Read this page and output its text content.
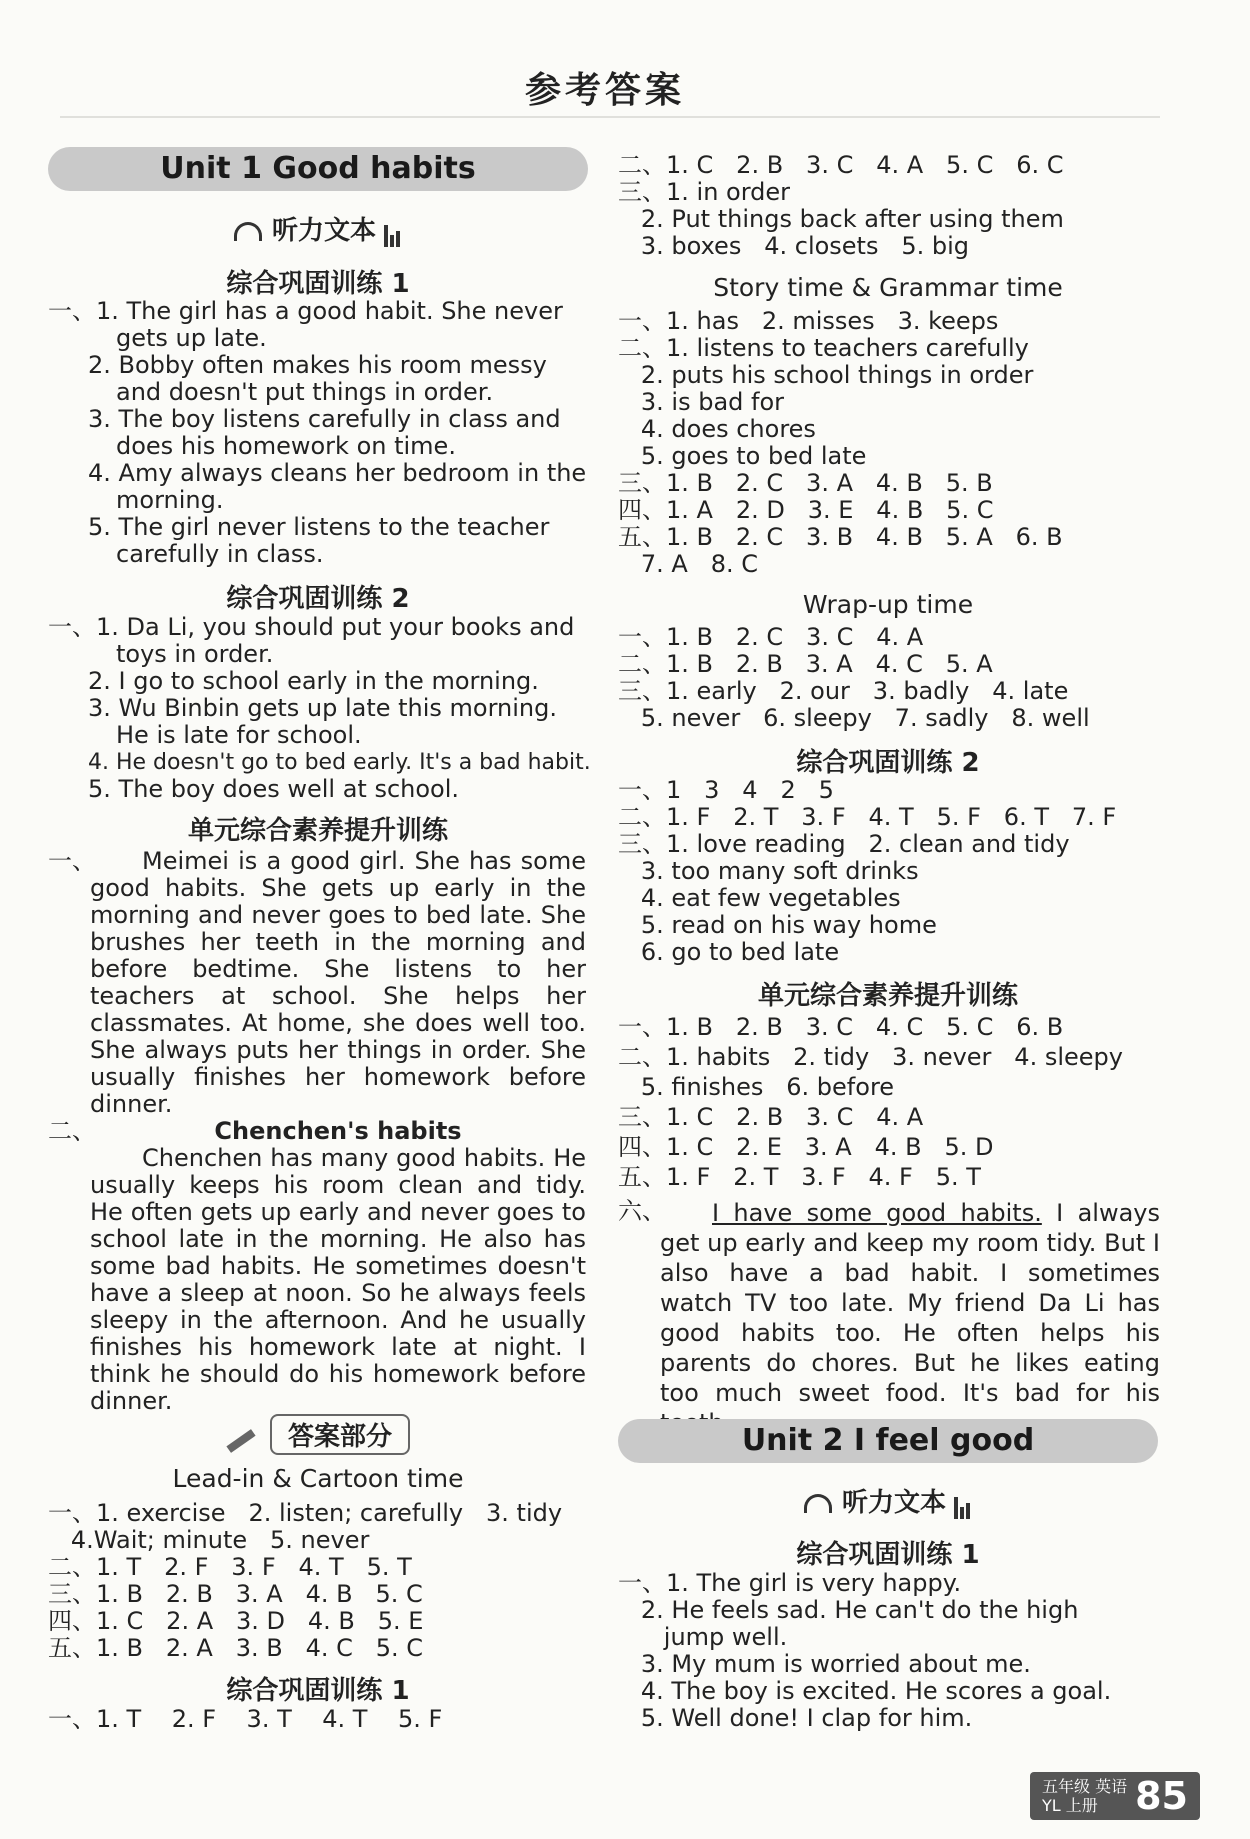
参考答案
Unit 1 Good habits
听力文本
综合巩固训练 1
一、1. The girl has a good habit. She never
gets up late.
2. Bobby often makes his room messy
and doesn't put things in order.
3. The boy listens carefully in class and
does his homework on time.
4. Amy always cleans her bedroom in the
morning.
5. The girl never listens to the teacher
carefully in class.
综合巩固训练 2
一、1. Da Li, you should put your books and
toys in order.
2. I go to school early in the morning.
3. Wu Binbin gets up late this morning.
He is late for school.
4. He doesn't go to bed early. It's a bad habit.
5. The boy does well at school.
单元综合素养提升训练
一、	Meimei is a good girl. She has some good habits. She gets up early in the morning and never goes to bed late. She brushes her teeth in the morning and before bedtime. She listens to her teachers at school. She helps her classmates. At home, she does well too. She always puts her things in order. She usually finishes her homework before dinner.
二、	Chenchen's habits
Chenchen has many good habits. He usually keeps his room clean and tidy. He often gets up early and never goes to school late in the morning. He also has some bad habits. He sometimes doesn't have a sleep at noon. So he always feels sleepy in the afternoon. And he usually finishes his homework late at night. I think he should do his homework before dinner.
答案部分
Lead-in & Cartoon time
一、1. exercise   2. listen; carefully   3. tidy
4.Wait; minute   5. never
二、1. T   2. F   3. F   4. T   5. T
三、1. B   2. B   3. A   4. B   5. C
四、1. C   2. A   3. D   4. B   5. E
五、1. B   2. A   3. B   4. C   5. C
综合巩固训练 1
一、1. T    2. F    3. T    4. T    5. F
二、1. C   2. B   3. C   4. A   5. C   6. C
三、1. in order
2. Put things back after using them
3. boxes   4. closets   5. big
Story time & Grammar time
一、1. has   2. misses   3. keeps
二、1. listens to teachers carefully
2. puts his school things in order
3. is bad for
4. does chores
5. goes to bed late
三、1. B   2. C   3. A   4. B   5. B
四、1. A   2. D   3. E   4. B   5. C
五、1. B   2. C   3. B   4. B   5. A   6. B
7. A   8. C
Wrap-up time
一、1. B   2. C   3. C   4. A
二、1. B   2. B   3. A   4. C   5. A
三、1. early   2. our   3. badly   4. late
5. never   6. sleepy   7. sadly   8. well
综合巩固训练 2
一、1   3   4   2   5
二、1. F   2. T   3. F   4. T   5. F   6. T   7. F
三、1. love reading   2. clean and tidy
3. too many soft drinks
4. eat few vegetables
5. read on his way home
6. go to bed late
单元综合素养提升训练
一、1. B   2. B   3. C   4. C   5. C   6. B
二、1. habits   2. tidy   3. never   4. sleepy
5. finishes   6. before
三、1. C   2. B   3. C   4. A
四、1. C   2. E   3. A   4. B   5. D
五、1. F   2. T   3. F   4. F   5. T
六、	I have some good habits. I always get up early and keep my room tidy. But I also have a bad habit. I sometimes watch TV too late. My friend Da Li has good habits too. He often helps his parents do chores. But he likes eating too much sweet food. It's bad for his
Unit 2 I feel good
听力文本
综合巩固训练 1
一、1. The girl is very happy.
2. He feels sad. He can't do the high
jump well.
3. My mum is worried about me.
4. The boy is excited. He scores a goal.
5. Well done! I clap for him.
五年级 英语
YL 上册 85
